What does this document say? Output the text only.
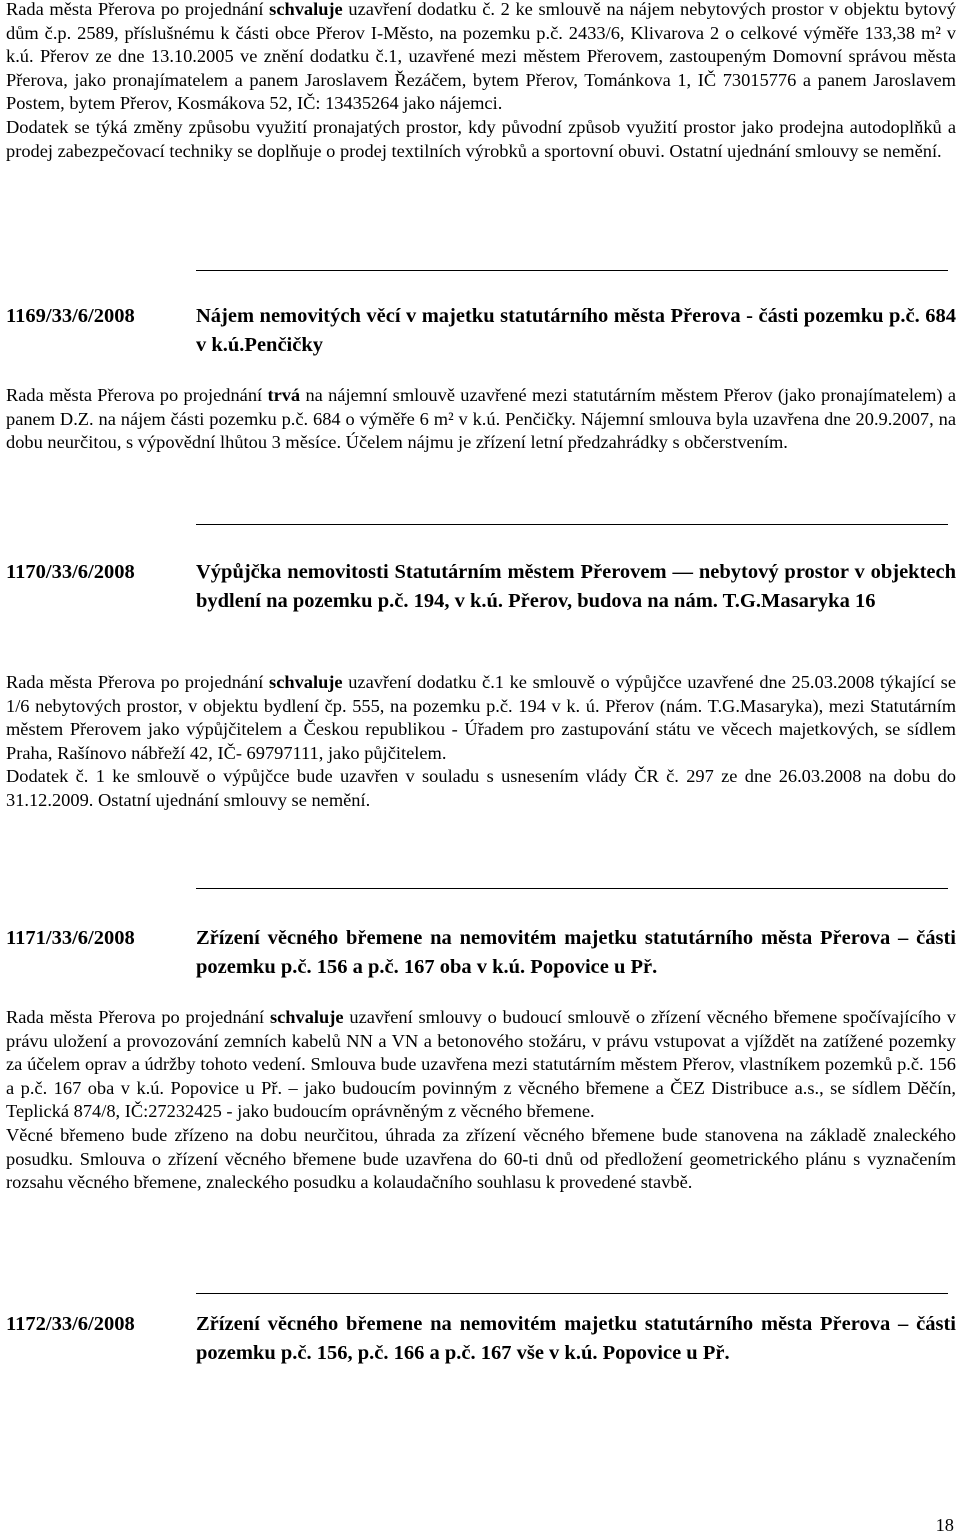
Rada města Přerova po projednání schvaluje uzavření dodatku č. 2 ke smlouvě na nájem nebytových prostor v objektu bytový dům č.p. 2589, příslušnému k části obce Přerov I-Město, na pozemku p.č. 2433/6, Klivarova 2 o celkové výměře 133,38 m² v k.ú. Přerov ze dne 13.10.2005 ve znění dodatku č.1, uzavřené mezi městem Přerovem, zastoupeným Domovní správou města Přerova, jako pronajímatelem a panem Jaroslavem Řezáčem, bytem Přerov, Tománkova 1, IČ 73015776 a panem Jaroslavem Postem, bytem Přerov, Kosmákova 52, IČ: 13435264 jako nájemci.
Dodatek se týká změny způsobu využití pronajatých prostor, kdy původní způsob využití prostor jako prodejna autodoplňků a prodej zabezpečovací techniky se doplňuje o prodej textilních výrobků a sportovní obuvi. Ostatní ujednání smlouvy se nemění.

1169/33/6/2008	Nájem nemovitých věcí v majetku statutárního města Přerova - části pozemku p.č. 684 v k.ú.Penčičky

Rada města Přerova po projednání trvá na nájemní smlouvě uzavřené mezi statutárním městem Přerov (jako pronajímatelem) a panem D.Z. na nájem části pozemku p.č. 684 o výměře 6 m² v k.ú. Penčičky. Nájemní smlouva byla uzavřena dne 20.9.2007, na dobu neurčitou, s výpovědní lhůtou 3 měsíce. Účelem nájmu je zřízení letní předzahrádky s občerstvením.

1170/33/6/2008	Výpůjčka nemovitosti Statutárním městem Přerovem — nebytový prostor v objektech bydlení na pozemku p.č. 194, v k.ú. Přerov, budova na nám. T.G.Masaryka 16

Rada města Přerova po projednání schvaluje uzavření dodatku č.1 ke smlouvě o výpůjčce uzavřené dne 25.03.2008 týkající se 1/6 nebytových prostor, v objektu bydlení čp. 555, na pozemku p.č. 194 v k. ú. Přerov (nám. T.G.Masaryka), mezi Statutárním městem Přerovem jako výpůjčitelem a Českou republikou - Úřadem pro zastupování státu ve věcech majetkových, se sídlem Praha, Rašínovo nábřeží 42, IČ- 69797111, jako půjčitelem.
Dodatek č. 1 ke smlouvě o výpůjčce bude uzavřen v souladu s usnesením vlády ČR č. 297 ze dne 26.03.2008 na dobu do 31.12.2009. Ostatní ujednání smlouvy se nemění.

1171/33/6/2008	Zřízení věcného břemene na nemovitém majetku statutárního města Přerova – části pozemku p.č. 156 a p.č. 167 oba v k.ú. Popovice u Př.

Rada města Přerova po projednání schvaluje uzavření smlouvy o budoucí smlouvě o zřízení věcného břemene spočívajícího v právu uložení a provozování zemních kabelů NN a VN a betonového stožáru, v právu vstupovat a vjíždět na zatížené pozemky za účelem oprav a údržby tohoto vedení. Smlouva bude uzavřena mezi statutárním městem Přerov, vlastníkem pozemků p.č. 156 a p.č. 167 oba v k.ú. Popovice u Př. – jako budoucím povinným z věcného břemene a ČEZ Distribuce a.s., se sídlem Děčín, Teplická 874/8, IČ:27232425 - jako budoucím oprávněným z věcného břemene.
Věcné břemeno bude zřízeno na dobu neurčitou, úhrada za zřízení věcného břemene bude stanovena na základě znaleckého posudku. Smlouva o zřízení věcného břemene bude uzavřena do 60-ti dnů od předložení geometrického plánu s vyznačením rozsahu věcného břemene, znaleckého posudku a kolaudačního souhlasu k provedené stavbě.

1172/33/6/2008	Zřízení věcného břemene na nemovitém majetku statutárního města Přerova – části pozemku p.č. 156, p.č. 166 a p.č. 167 vše v k.ú. Popovice u Př.
18
